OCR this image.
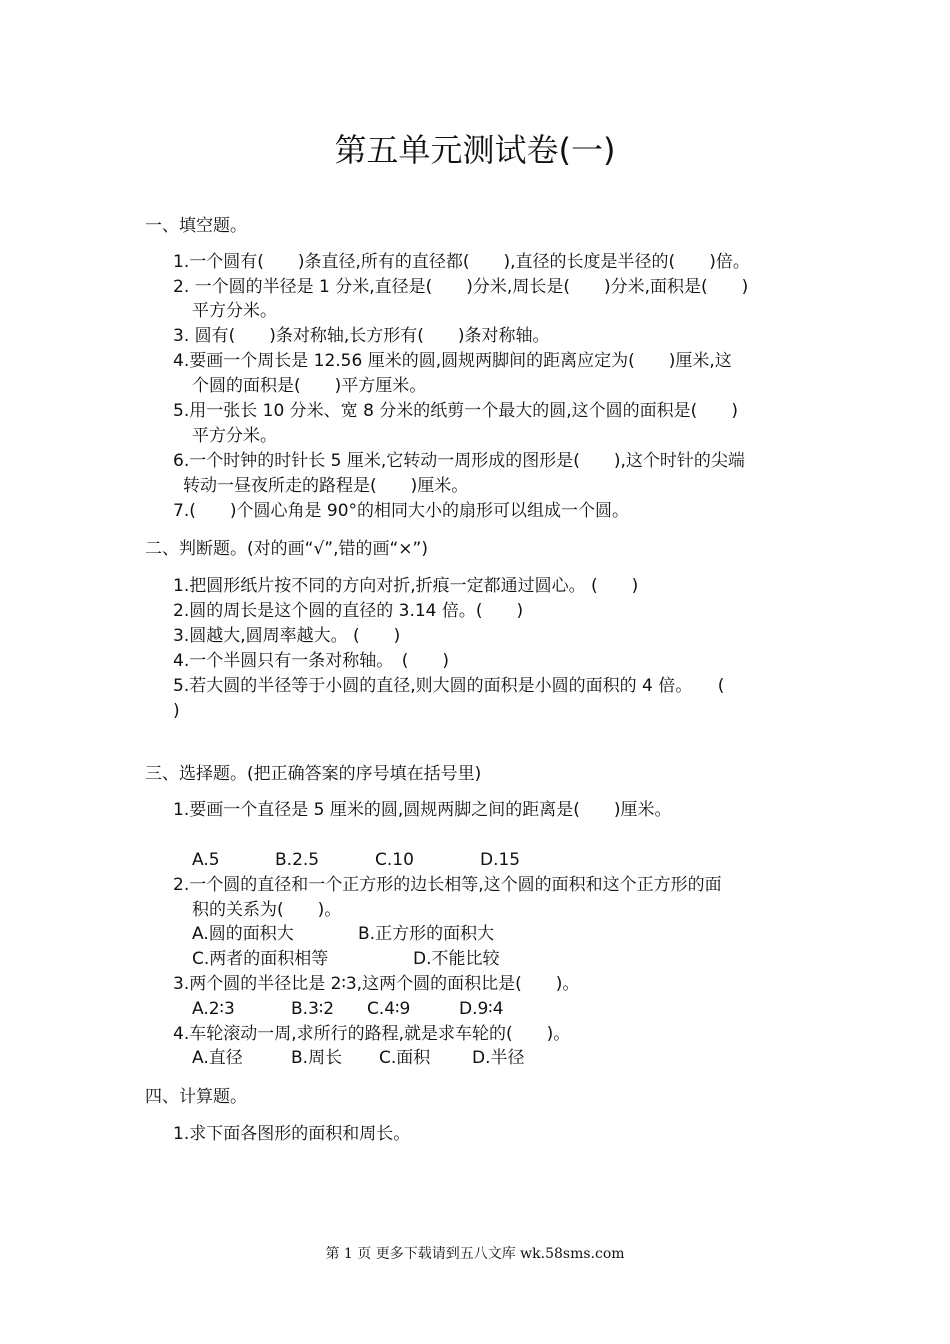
第五单元测试卷(一)
一、填空题。
1.一个圆有(　　)条直径,所有的直径都(　　),直径的长度是半径的(　　)倍。
2. 一个圆的半径是 1 分米,直径是(　　)分米,周长是(　　)分米,面积是(　　)
平方分米。
3. 圆有(　　)条对称轴,长方形有(　　)条对称轴。
4.要画一个周长是 12.56 厘米的圆,圆规两脚间的距离应定为(　　)厘米,这
个圆的面积是(　　)平方厘米。
5.用一张长 10 分米、宽 8 分米的纸剪一个最大的圆,这个圆的面积是(　　)
平方分米。
6.一个时钟的时针长 5 厘米,它转动一周形成的图形是(　　),这个时针的尖端
转动一昼夜所走的路程是(　　)厘米。
7.(　　)个圆心角是 90°的相同大小的扇形可以组成一个圆。
二、判断题。(对的画“√”,错的画“×”)
1.把圆形纸片按不同的方向对折,折痕一定都通过圆心。 (　　)
2.圆的周长是这个圆的直径的 3.14 倍。(　　)
3.圆越大,圆周率越大。 (　　)
4.一个半圆只有一条对称轴。　(　　)
5.若大圆的半径等于小圆的直径,则大圆的面积是小圆的面积的 4 倍。　　(
)
三、选择题。(把正确答案的序号填在括号里)
1.要画一个直径是 5 厘米的圆,圆规两脚之间的距离是(　　)厘米。
A.5	B.2.5	C.10	D.15
2.一个圆的直径和一个正方形的边长相等,这个圆的面积和这个正方形的面
积的关系为(　　)。
A.圆的面积大	B.正方形的面积大
C.两者的面积相等	D.不能比较
3.两个圆的半径比是 2∶3,这两个圆的面积比是(　　)。
A.2∶3	B.3∶2 C.4∶9	D.9∶4
4.车轮滚动一周,求所行的路程,就是求车轮的(　　)。
A.直径	B.周长 C.面积 D.半径
四、计算题。
1.求下面各图形的面积和周长。
第 1 页 更多下载请到五八文库 wk.58sms.com
